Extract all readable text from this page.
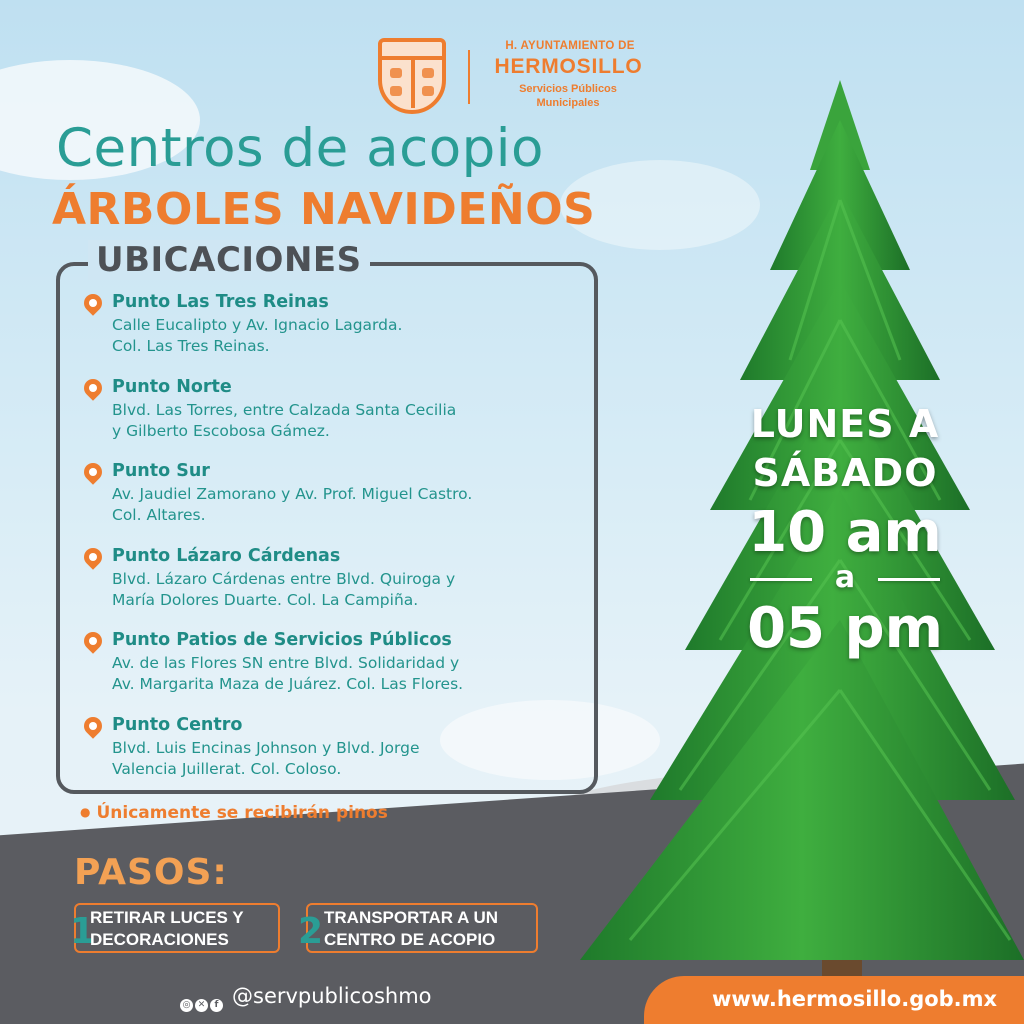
H. AYUNTAMIENTO DE
HERMOSILLO
Servicios Públicos
Municipales
Centros de acopio
ÁRBOLES NAVIDEÑOS
UBICACIONES
Punto Las Tres Reinas
Calle Eucalipto y Av. Ignacio Lagarda.
Col. Las Tres Reinas.
Punto Norte
Blvd. Las Torres, entre Calzada Santa Cecilia
y Gilberto Escobosa Gámez.
Punto Sur
Av. Jaudiel Zamorano y Av. Prof. Miguel Castro.
Col. Altares.
Punto Lázaro Cárdenas
Blvd. Lázaro Cárdenas entre Blvd. Quiroga y
María Dolores Duarte. Col. La Campiña.
Punto Patios de Servicios Públicos
Av. de las Flores SN entre Blvd. Solidaridad y
Av. Margarita Maza de Juárez. Col. Las Flores.
Punto Centro
Blvd. Luis Encinas Johnson y Blvd. Jorge
Valencia Juillerat. Col. Coloso.
● Únicamente se recibirán pinos
LUNES A
SÁBADO
10 am
a
05 pm
PASOS:
1
RETIRAR LUCES Y
DECORACIONES	2 TRANSPORTAR A UN
CENTRO DE ACOPIO
◎ ✕ f @servpublicoshmo	www.hermosillo.gob.mx
